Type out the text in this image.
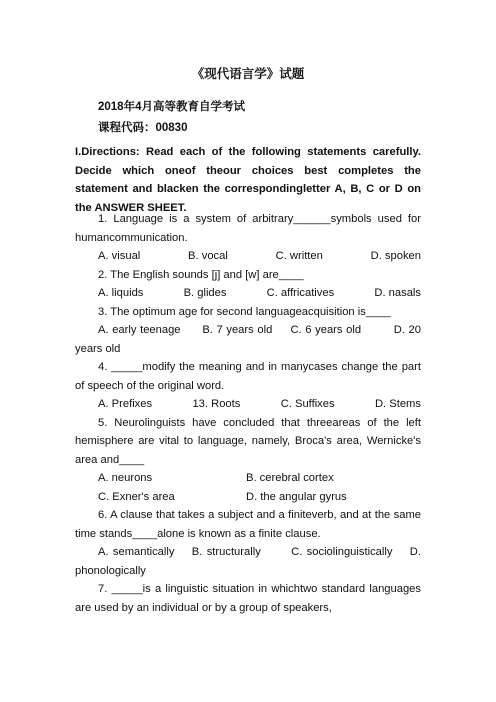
《现代语言学》试题
2018年4月高等教育自学考试
课程代码：00830
I.Directions: Read each of the following statements carefully. Decide which oneof theour choices best completes the statement and blacken the correspondingletter A, B, C or D on the ANSWER SHEET.
1. Language is a system of arbitrary______symbols used for humancommunication.
A. visual	B. vocal	C. written	D. spoken
2. The English sounds [j] and [w] are____
A. liquids	B. glides	C. affricatives	D. nasals
3. The optimum age for second languageacquisition is____
A. early teenage      B. 7 years old     C. 6 years old         D. 20 years old
4. _____modify the meaning and in manycases change the part of speech of the original word.
A. Prefixes	13. Roots	C. Suffixes	D. Stems
5. Neurolinguists have concluded that threeareas of the left hemisphere are vital to language, namely, Broca's area, Wernicke's area and____
A. neurons	B. cerebral cortex
C. Exner's area	D. the angular gyrus
6. A clause that takes a subject and a finiteverb, and at the same time stands____alone is known as a finite clause.
A. semantically    B. structurally       C. sociolinguistically    D. phonologically
7. _____is a linguistic situation in whichtwo standard languages are used by an individual or by a group of speakers,
